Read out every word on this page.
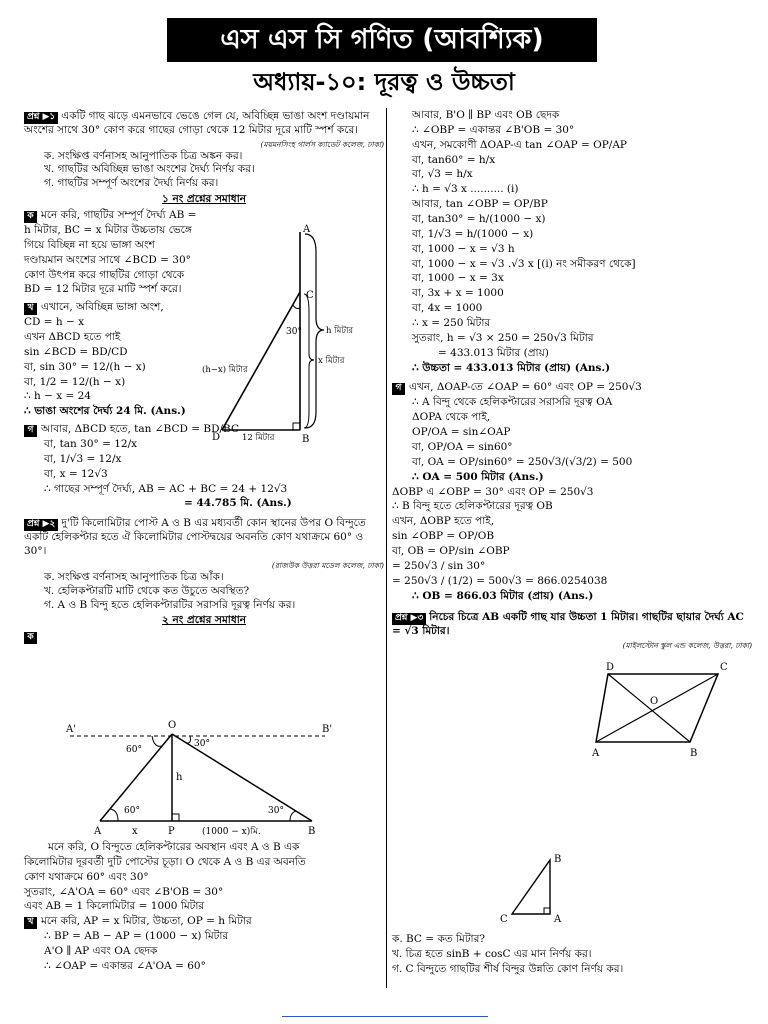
এস এস সি গণিত (আবশ্যিক)
অধ্যায়-১০: দূরত্ব ও উচ্চতা
প্রশ্ন ▶১ একটি গাছ ঝড়ে এমনভাবে ভেঙে গেল যে, অবিচ্ছিন্ন ভাঙা অংশ দণ্ডায়মান অংশের সাথে 30° কোণ করে গাছের গোড়া থেকে 12 মিটার দূরে মাটি স্পর্শ করে।
(ময়মনসিংহ গার্লস ক্যাডেট কলেজ, ঢাকা)
ক. সংক্ষিপ্ত বর্ণনাসহ আনুপাতিক চিত্র অঙ্কন কর।
খ. গাছটির অবিচ্ছিন্ন ভাঙা অংশের দৈর্ঘ্য নির্ণয় কর।
গ. গাছটির সম্পূর্ণ অংশের দৈর্ঘ্য নির্ণয় কর।
১ নং প্রশ্নের সমাধান
ক মনে করি, গাছটির সম্পূর্ণ দৈর্ঘ্য AB =
h মিটার, BC = x মিটার উচ্চতায় ভেঙ্গে
গিয়ে বিচ্ছিন্ন না হয়ে ভাঙ্গা অংশ
দণ্ডায়মান অংশের সাথে ∠BCD = 30°
কোণ উৎপন্ন করে গাছটির গোড়া থেকে
BD = 12 মিটার দূরে মাটি স্পর্শ করে।
খ এখানে, অবিচ্ছিন্ন ভাঙ্গা অংশ,
CD = h − x
এখন ΔBCD হতে পাই
sin ∠BCD = BD/CD
বা, sin 30° = 12/(h − x)
বা, 1/2 = 12/(h − x)
∴ h − x = 24
∴ ভাঙা অংশের দৈর্ঘ্য 24 মি. (Ans.)
গ আবার, ΔBCD হতে, tan ∠BCD = BD/BC
বা, tan 30° = 12/x
বা, 1/√3 = 12/x
বা, x = 12√3
∴ গাছের সম্পূর্ণ দৈর্ঘ্য, AB = AC + BC = 24 + 12√3
= 44.785 মি. (Ans.)
প্রশ্ন ▶২ দু'টি কিলোমিটার পোস্ট A ও B এর মধ্যবর্তী কোন স্থানের উপর O বিন্দুতে একটি হেলিকপ্টার হতে ঐ কিলোমিটার পোস্টদ্বয়ের অবনতি কোণ যথাক্রমে 60° ও 30°।
(রাজউক উত্তরা মডেল কলেজ, ঢাকা)
ক. সংক্ষিপ্ত বর্ণনাসহ আনুপাতিক চিত্র আঁক।
খ. হেলিকপ্টারটি মাটি থেকে কত উচুতে অবস্থিত?
গ. A ও B বিন্দু হতে হেলিকপ্টারটির সরাসরি দূরত্ব নির্ণয় কর।
২ নং প্রশ্নের সমাধান
ক
মনে করি, O বিন্দুতে হেলিকপ্টারের অবস্থান এবং A ও B এক
কিলোমিটার দূরবর্তী দুটি পোস্টের চূড়া। O থেকে A ও B এর অবনতি
কোণ যথাক্রমে 60° এবং 30°
সুতরাং, ∠A'OA = 60° এবং ∠B'OB = 30°
এবং AB = 1 কিলোমিটার = 1000 মিটার
খ মনে করি, AP = x মিটার, উচ্চতা, OP = h মিটার
∴ BP = AB − AP = (1000 − x) মিটার
A'O ∥ AP এবং OA ছেদক
∴ ∠OAP = একান্তর ∠A'OA = 60°
A
B
C
D
30°	h মিটার
x মিটার
(h−x) মিটার
12 মিটার
O
A'	B'
60°
30°
60°	30°
h
A	P	B
x	(1000 − x)মি.
আবার, B'O ∥ BP এবং OB ছেদক
∴ ∠OBP = একান্তর ∠B'OB = 30°
এখন, সমকোণী ΔOAP-এ tan ∠OAP = OP/AP
বা, tan60° = h/x
বা, √3 = h/x
∴ h = √3 x .......... (i)
আবার, tan ∠OBP = OP/BP
বা, tan30° = h/(1000 − x)
বা, 1/√3 = h/(1000 − x)
বা, 1000 − x = √3 h
বা, 1000 − x = √3 .√3 x [(i) নং সমীকরণ থেকে]
বা, 1000 − x = 3x
বা, 3x + x = 1000
বা, 4x = 1000
∴ x = 250 মিটার
সুতরাং, h = √3 × 250 = 250√3 মিটার
= 433.013 মিটার (প্রায়)
∴ উচ্চতা = 433.013 মিটার (প্রায়) (Ans.)
গ এখন, ΔOAP-তে ∠OAP = 60° এবং OP = 250√3
∴ A বিন্দু থেকে হেলিকপ্টারের সরাসরি দূরত্ব OA
ΔOPA থেকে পাই,
OP/OA = sin∠OAP
বা, OP/OA = sin60°
বা, OA = OP/sin60° = 250√3/(√3/2) = 500
∴ OA = 500 মিটার (Ans.)
ΔOBP এ ∠OBP = 30° এবং OP = 250√3
∴ B বিন্দু হতে হেলিকপ্টারের দূরত্ব OB
এখন, ΔOBP হতে পাই,
sin ∠OBP = OP/OB
বা, OB = OP/sin ∠OBP
= 250√3 / sin 30°
= 250√3 / (1/2) = 500√3 = 866.0254038
∴ OB = 866.03 মিটার (প্রায়) (Ans.)
প্রশ্ন ▶৩ নিচের চিত্রে AB একটি গাছ যার উচ্চতা 1 মিটার। গাছটির ছায়ার দৈর্ঘ্য AC = √3 মিটার।
(মাইলস্টোন স্কুল এন্ড কলেজ, উত্তরা, ঢাকা)
ক. BC = কত মিটার?
খ. চিত্র হতে sinB + cosC এর মান নির্ণয় কর।
গ. C বিন্দুতে গাছটির শীর্ষ বিন্দুর উন্নতি কোণ নির্ণয় কর।
D	C
A	B
O
B
A
C
